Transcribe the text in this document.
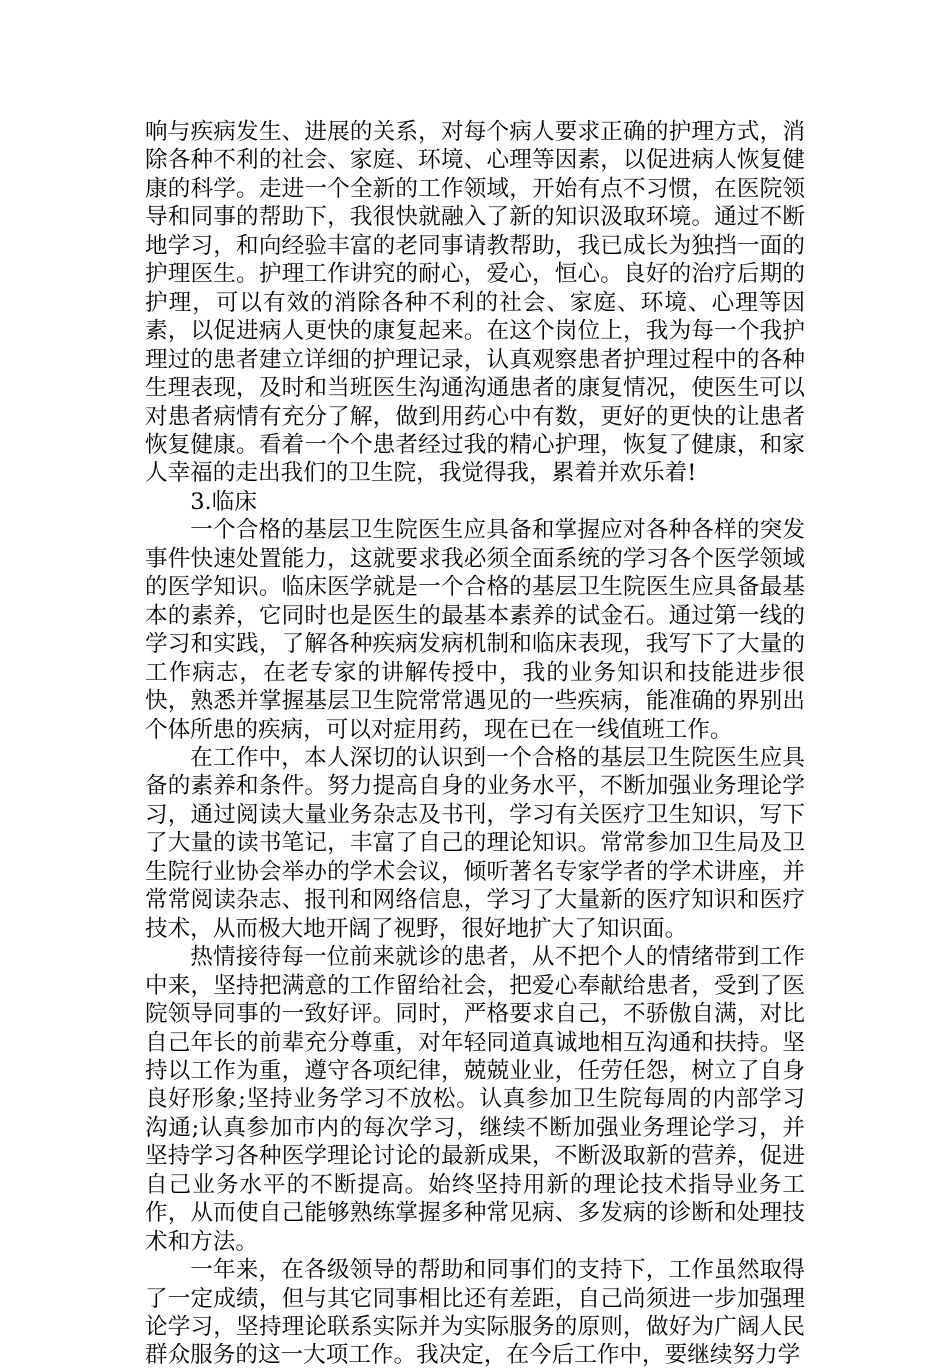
响与疾病发生、进展的关系，对每个病人要求正确的护理方式，消除各种不利的社会、家庭、环境、心理等因素，以促进病人恢复健康的科学。走进一个全新的工作领域，开始有点不习惯，在医院领导和同事的帮助下，我很快就融入了新的知识汲取环境。通过不断地学习，和向经验丰富的老同事请教帮助，我已成长为独挡一面的护理医生。护理工作讲究的耐心，爱心，恒心。良好的治疗后期的护理，可以有效的消除各种不利的社会、家庭、环境、心理等因素，以促进病人更快的康复起来。在这个岗位上，我为每一个我护理过的患者建立详细的护理记录，认真观察患者护理过程中的各种生理表现，及时和当班医生沟通沟通患者的康复情况，使医生可以对患者病情有充分了解，做到用药心中有数，更好的更快的让患者恢复健康。看着一个个患者经过我的精心护理，恢复了健康，和家人幸福的走出我们的卫生院，我觉得我，累着并欢乐着!

3.临床

一个合格的基层卫生院医生应具备和掌握应对各种各样的突发事件快速处置能力，这就要求我必须全面系统的学习各个医学领域的医学知识。临床医学就是一个合格的基层卫生院医生应具备最基本的素养，它同时也是医生的最基本素养的试金石。通过第一线的学习和实践，了解各种疾病发病机制和临床表现，我写下了大量的工作病志，在老专家的讲解传授中，我的业务知识和技能进步很快，熟悉并掌握基层卫生院常常遇见的一些疾病，能准确的界别出个体所患的疾病，可以对症用药，现在已在一线值班工作。

在工作中，本人深切的认识到一个合格的基层卫生院医生应具备的素养和条件。努力提高自身的业务水平，不断加强业务理论学习，通过阅读大量业务杂志及书刊，学习有关医疗卫生知识，写下了大量的读书笔记，丰富了自己的理论知识。常常参加卫生局及卫生院行业协会举办的学术会议，倾听著名专家学者的学术讲座，并常常阅读杂志、报刊和网络信息，学习了大量新的医疗知识和医疗技术，从而极大地开阔了视野，很好地扩大了知识面。

热情接待每一位前来就诊的患者，从不把个人的情绪带到工作中来，坚持把满意的工作留给社会，把爱心奉献给患者，受到了医院领导同事的一致好评。同时，严格要求自己，不骄傲自满，对比自己年长的前辈充分尊重，对年轻同道真诚地相互沟通和扶持。坚持以工作为重，遵守各项纪律，兢兢业业，任劳任怨，树立了自身良好形象;坚持业务学习不放松。认真参加卫生院每周的内部学习沟通;认真参加市内的每次学习，继续不断加强业务理论学习，并坚持学习各种医学理论讨论的最新成果，不断汲取新的营养，促进自己业务水平的不断提高。始终坚持用新的理论技术指导业务工作，从而使自己能够熟练掌握多种常见病、多发病的诊断和处理技术和方法。

一年来，在各级领导的帮助和同事们的支持下，工作虽然取得了一定成绩，但与其它同事相比还有差距，自己尚须进一步加强理论学习，坚持理论联系实际并为实际服务的原则，做好为广阔人民群众服务的这一大项工作。我决定，在今后工作中，要继续努力学
